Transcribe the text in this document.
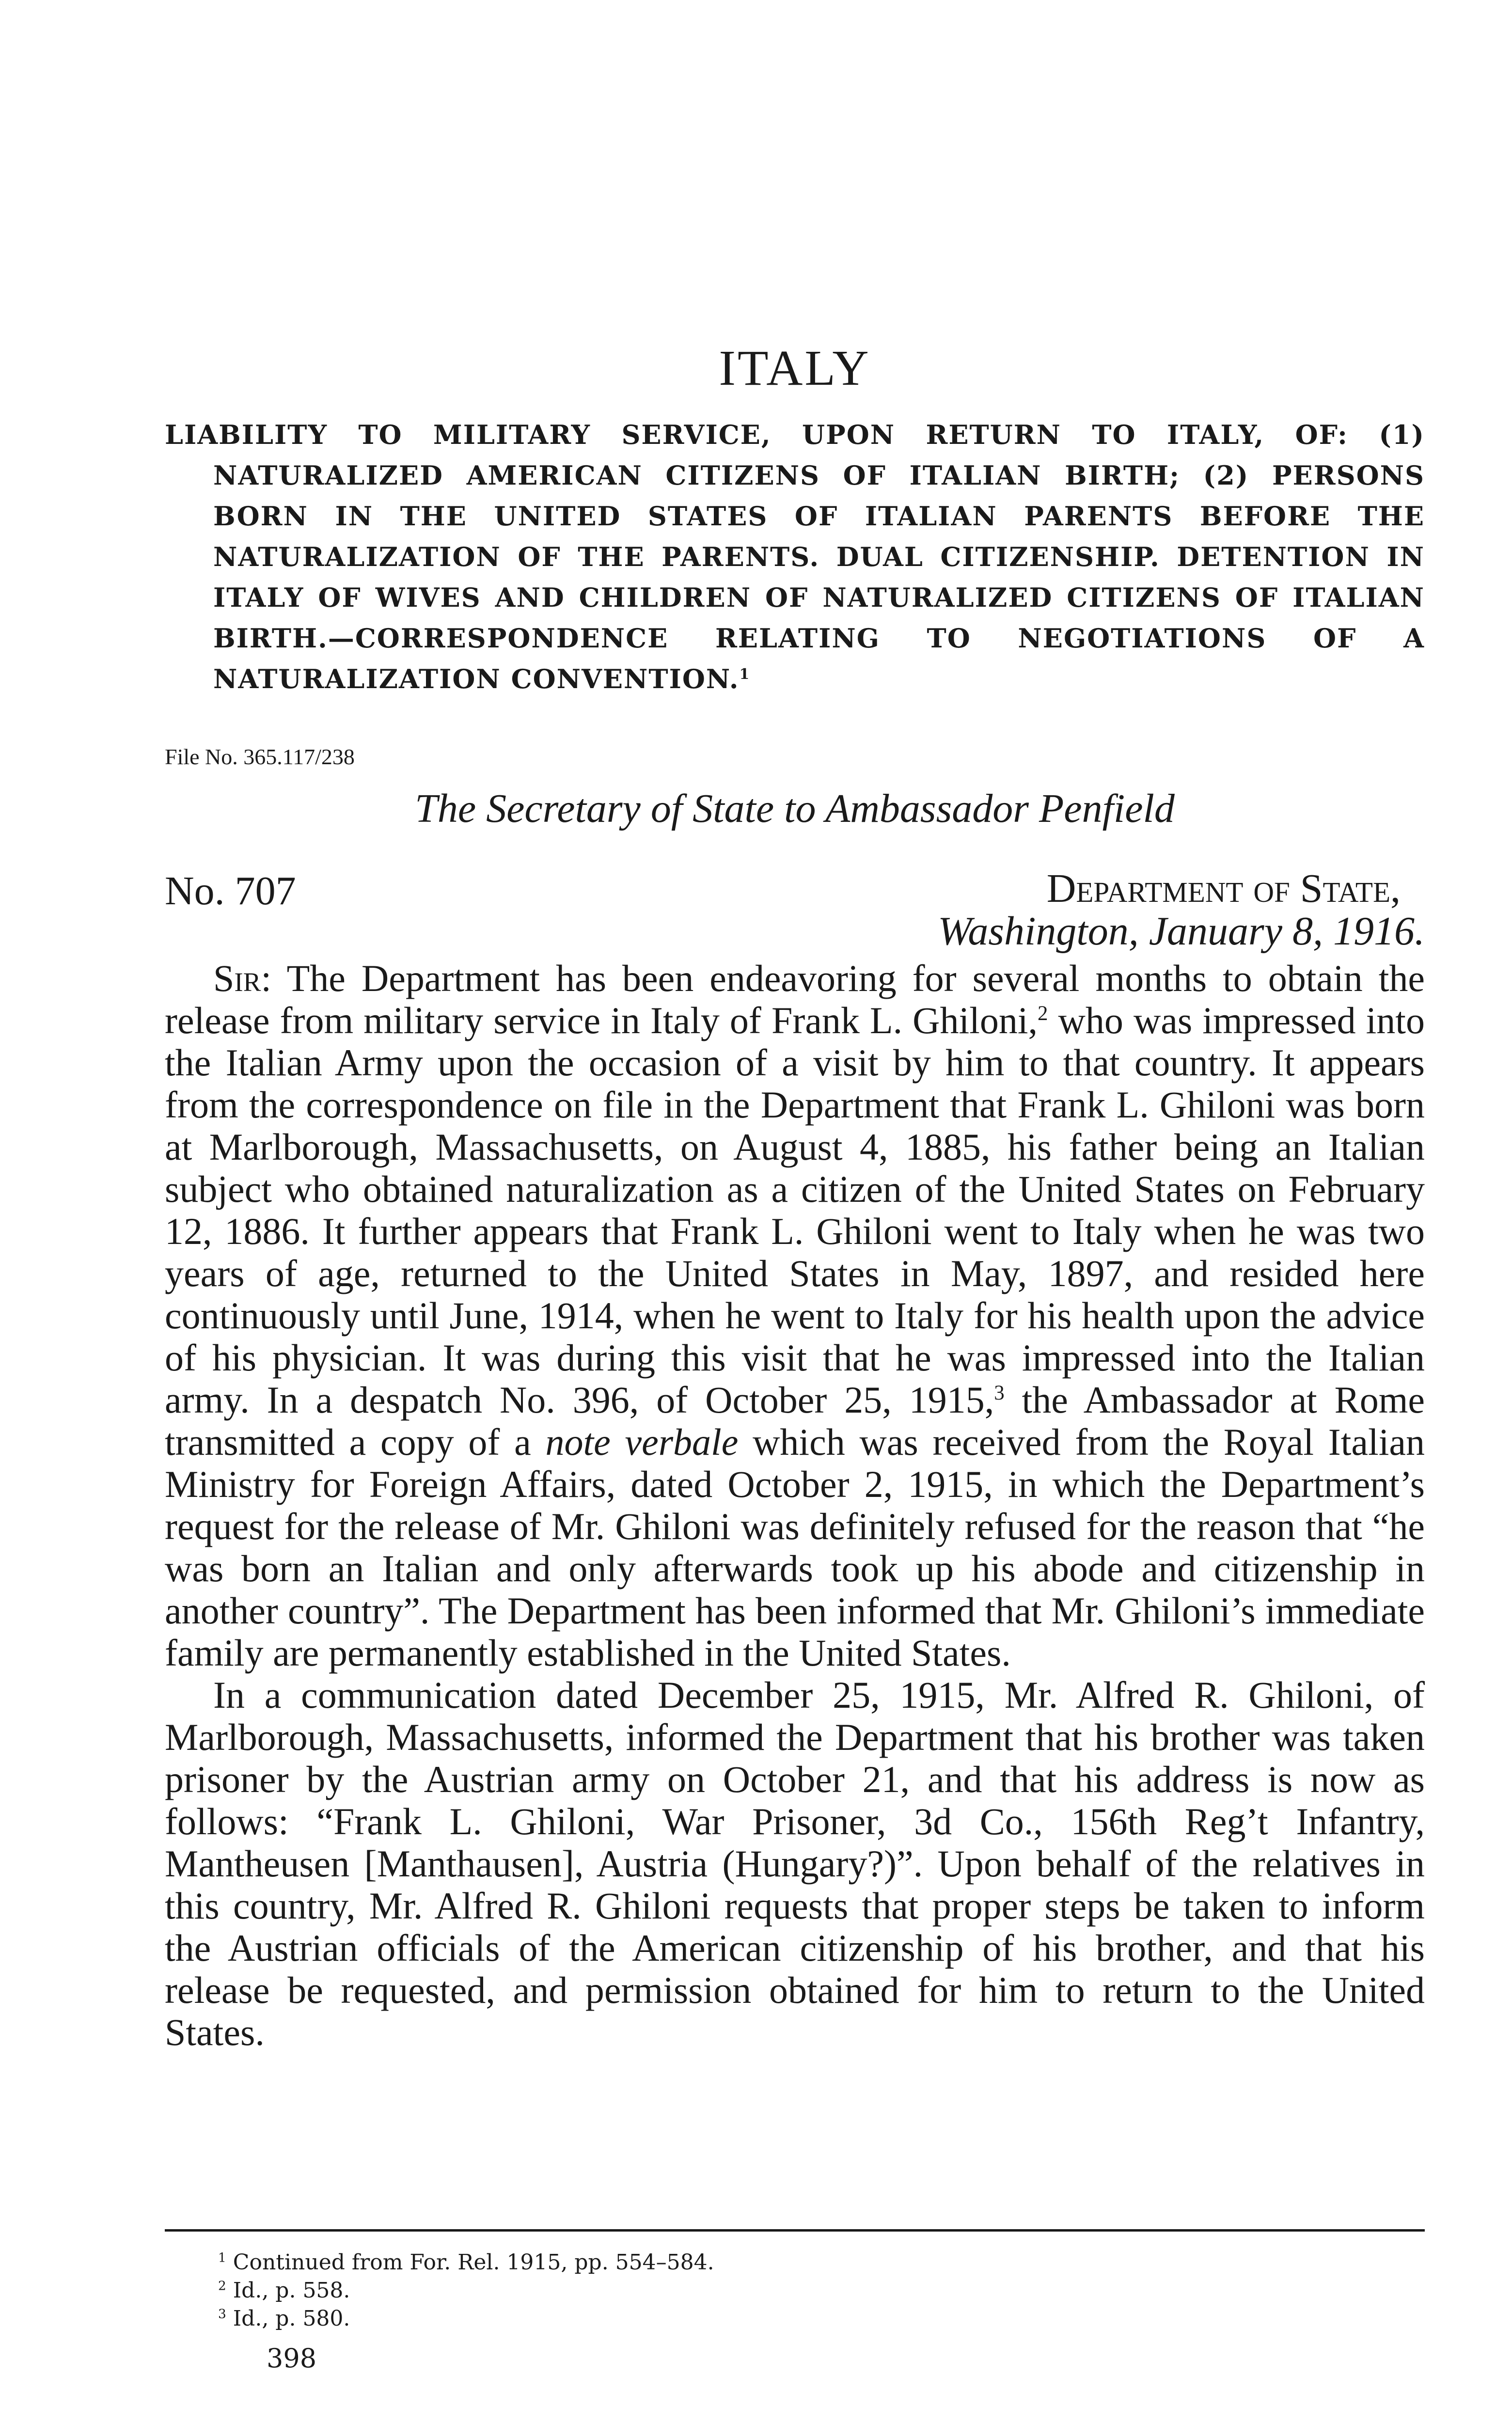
ITALY

LIABILITY TO MILITARY SERVICE, UPON RETURN TO ITALY, OF: (1) NATURALIZED AMERICAN CITIZENS OF ITALIAN BIRTH; (2) PERSONS BORN IN THE UNITED STATES OF ITALIAN PARENTS BEFORE THE NATURALIZATION OF THE PARENTS. DUAL CITIZENSHIP. DETENTION IN ITALY OF WIVES AND CHILDREN OF NATURALIZED CITIZENS OF ITALIAN BIRTH.—CORRESPONDENCE RELATING TO NEGOTIATIONS OF A NATURALIZATION CONVENTION.$^1$

File No. 365.117/238
The Secretary of State to Ambassador Penfield
No. 707	Department of State,
Washington, January 8, 1916.

Sir: The Department has been endeavoring for several months to obtain the release from military service in Italy of Frank L. Ghiloni,$^2$ who was impressed into the Italian Army upon the occasion of a visit by him to that country. It appears from the correspondence on file in the Department that Frank L. Ghiloni was born at Marlborough, Massachusetts, on August 4, 1885, his father being an Italian subject who obtained naturalization as a citizen of the United States on February 12, 1886. It further appears that Frank L. Ghiloni went to Italy when he was two years of age, returned to the United States in May, 1897, and resided here continuously until June, 1914, when he went to Italy for his health upon the advice of his physician. It was during this visit that he was impressed into the Italian army. In a despatch No. 396, of October 25, 1915,$^3$ the Ambassador at Rome transmitted a copy of a note verbale which was received from the Royal Italian Ministry for Foreign Affairs, dated October 2, 1915, in which the Department’s request for the release of Mr. Ghiloni was definitely refused for the reason that “he was born an Italian and only afterwards took up his abode and citizenship in another country”. The Department has been informed that Mr. Ghiloni’s immediate family are permanently established in the United States.

In a communication dated December 25, 1915, Mr. Alfred R. Ghiloni, of Marlborough, Massachusetts, informed the Department that his brother was taken prisoner by the Austrian army on October 21, and that his address is now as follows: “Frank L. Ghiloni, War Prisoner, 3d Co., 156th Reg’t Infantry, Mantheusen [Manthausen], Austria (Hungary?)”. Upon behalf of the relatives in this country, Mr. Alfred R. Ghiloni requests that proper steps be taken to inform the Austrian officials of the American citizenship of his brother, and that his release be requested, and permission obtained for him to return to the United States.

$^1$ Continued from For. Rel. 1915, pp. 554–584.
$^2$ Id., p. 558.
$^3$ Id., p. 580.
398
